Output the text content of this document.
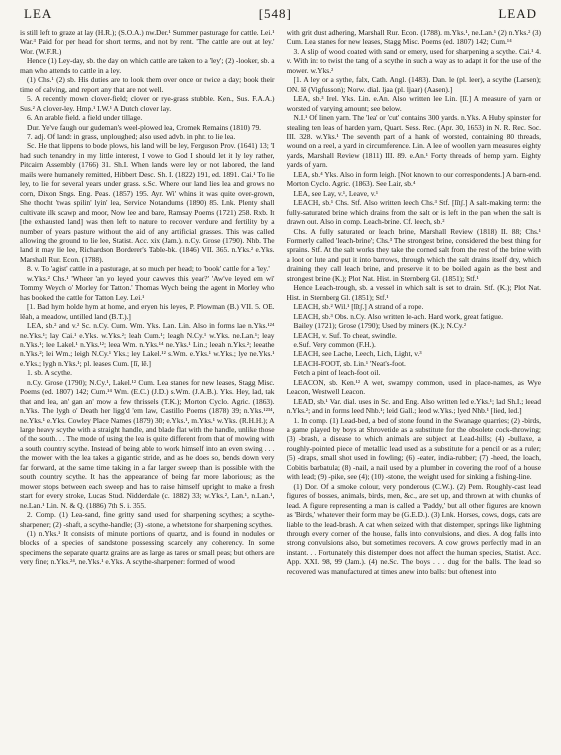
LEA	[548]	LEAD

is still left to graze at lay (H.R.); (S.O.A.) nw.Der.¹ Summer pasturage for cattle. Lei.¹ War.³ Paid for per head for short terms, and not by rent. 'The cattle are out at ley.' Wor. (W.F.R.)

Hence (1) Ley-day, sb. the day on which cattle are taken to a 'ley'; (2) -looker, sb. a man who attends to cattle in a ley.

(1) Chs.¹ (2) sb. His duties are to look them over once or twice a day; book their time of calving, and report any that are not well.

5. A recently mown clover-field; clover or rye-grass stubble. Ken., Sus. F.A.A.) Sus.² A clover-ley. Hmp.¹ I.W.¹ A Dutch clover lay.

6. An arable field. a field under tillage.

Dur. Ye've faugh our gudeman's weel-plowed lea, Cromek Remains (1810) 79.

7. adj. Of land: in grass, unploughed; also used advb. in phr. to lie lea.

Sc. He that lippens to bode plows, his land will be ley, Ferguson Prov. (1641) 13; 'I had such tenandry in my little interest, I vowe to God I should let it ly ley rather, Pitcairn Assembly (1766) 31. Sh.I. When lands were ley or not labored, the land mails were humanely remitted, Hibbert Desc. Sh. I. (1822) 191, ed. 1891. Cai.¹ To lie ley, to lie for several years under grass. s.Sc. Where our land lies lea and grows no corn, Dixon Sngs. Eng. Peas. (1857) 195. Ayr. Wi' whins it was quite over-grown, She thocht 'twas spilin' lyin' lea, Service Notandums (1890) 85. Lnk. Plenty shall cultivate ilk scawp and moor, Now lee and bare, Ramsay Poems (1721) 258. Rxb. It [the exhausted land] was then left to nature to recover verdure and fertility by a number of years pasture without the aid of any artificial grasses. This was called allowing the ground to lie lee, Statist. Acc. xix (Jam.). n.Cy. Grose (1790). Nhb. The land it may lie lee, Richardson Borderer's Table-bk. (1846) VII. 365. n.Yks.² e.Yks. Marshall Rur. Econ. (1788).

8. v. To 'agist' cattle in a pasturage, at so much per head; to 'book' cattle for a 'ley.'

w.Yks.² Chs.¹ 'Wheer 'an yo leyed your cawves this year?' 'Aw've leyed em wi' Tommy Weych o' Morley for Tatton.' Thomas Wych being the agent in Morley who has booked the cattle for Tatton Ley. Lei.¹

[1. Bad hym holde hym at home, and eryen his leyes, P. Plowman (B.) VII. 5. OE. lēah, a meadow, untilled land (B.T.).]

LEA, sb.² and v.² Sc. n.Cy. Cum. Wm. Yks. Lan. Lin. Also in forms lae n.Yks.¹²⁴ ne.Yks.¹; lay Cai.¹ e.Yks. w.Yks.²; leah Cum.¹; leagh N.Cy.¹ w.Yks. ne.Lan.¹; leay n.Yks.¹; lee Lakel.¹ n.Yks.¹²; leea Wm. n.Yks.¹⁴ ne.Yks.¹ Lin.; leeah n.Yks.²; leeathe n.Yks.²; lei Wm.; leigh N.Cy.¹ Yks.; ley Lakel.¹² s.Wm. e.Yks.¹ w.Yks.; lye ne.Yks.¹ e.Yks.; lygh n.Yks.¹; pl. leases Cum. [lī, lē.]

1. sb. A scythe.

n.Cy. Grose (1790); N.Cy.¹, Lakel.¹² Cum. Lea stanes for new leases, Stagg Misc. Poems (ed. 1807) 142; Cum.¹⁴ Wm. (E.C.) (J.D.) s.Wm. (J.A.B.). Yks. Hey, lad, tak that and lea, an' gan an' mow a few thrissels (T.K.); Morton Cyclo. Agric. (1863). n.Yks. The lygh o' Death her ligg'd 'em law, Castillo Poems (1878) 39; n.Yks.¹²³⁴, ne.Yks.¹ e.Yks. Cowley Place Names (1879) 30; e.Yks.¹, m.Yks.¹ w.Yks. (R.H.H.); A large heavy scythe with a straight handle, and blade flat with the handle, unlike those of the south. . . The mode of using the lea is quite different from that of mowing with a south country scythe. Instead of being able to work himself into an even swing . . . the mower with the lea takes a gigantic stride, and as he does so, bends down very far forward, at the same time taking in a far larger sweep than is possible with the south country scythe. It has the appearance of being far more laborious; as the mower stops between each sweep and has to raise himself upright to make a fresh start for every stroke, Lucas Stud. Nidderdale (c. 1882) 33; w.Yks.², Lan.¹, n.Lan.¹, ne.Lan.¹ Lin. N. & Q. (1886) 7th S. i. 355.

2. Comp. (1) Lea-sand, fine gritty sand used for sharpening scythes; a scythe-sharpener; (2) -shaft, a scythe-handle; (3) -stone, a whetstone for sharpening scythes.

(1) n.Yks.¹ It consists of minute portions of quartz, and is found in nodules or blocks of a species of sandstone possessing scarcely any coherency. In some specimens the separate quartz grains are as large as tares or small peas; but others are very fine; n.Yks.²⁴, ne.Yks.¹ e.Yks. A scythe-sharpener: formed of wood

with grit dust adhering, Marshall Rur. Econ. (1788). m.Yks.¹, ne.Lan.¹ (2) n.Yks.² (3) Cum. Lea stanes for new leases, Stagg Misc. Poems (ed. 1807) 142; Cum.¹⁴

3. A slip of wood coated with sand or emery, used for sharpening a scythe. Cai.¹ 4. v. With in: to twist the tang of a scythe in such a way as to adapt it for the use of the mower. w.Yks.²

[1. A ley or a sythe, falx, Cath. Angl. (1483). Dan. le (pl. leer), a scythe (Larsen); ON. lē (Vigfusson); Norw. dial. ljaa (pl. ljaar) (Aasen).]

LEA, sb.³ Irel. Yks. Lin. e.An. Also written lee Lin. [lī.] A measure of yarn or worsted of varying amount; see below.

N.I.¹ Of linen yarn. The 'lea' or 'cut' contains 300 yards. n.Yks. A Huby spinster for stealing ten leas of harden yarn, Quart. Sess. Rec. (Apr. 30, 1653) in N. R. Rec. Soc. III. 328. w.Yks.¹ The seventh part of a hank of worsted, containing 80 threads, wound on a reel, a yard in circumference. Lin. A lee of woollen yarn measures eighty yards, Marshall Review (1811) III. 89. e.An.¹ Forty threads of hemp yarn. Eighty yards of yarn.

LEA, sb.⁴ Yks. Also in form leigh. [Not known to our correspondents.] A barn-end. Morton Cyclo. Agric. (1863). See Lair, sb.⁴

LEA, see Lay, v.¹, Leave, v.¹

LEACH, sb.¹ Chs. Stf. Also written leech Chs.³ Stf. [lītʃ.] A salt-making term: the fully-saturated brine which drains from the salt or is left in the pan when the salt is drawn out. Also in comp. Leach-brine. Cf. leech, sb.²

Chs. A fully saturated or leach brine, Marshall Review (1818) II. 88; Chs.¹ Formerly called 'leach-brine'; Chs.³ The strongest brine, considered the best thing for sprains. Stf. At the salt works they take the corned salt from the rest of the brine with a loot or lute and put it into barrows, through which the salt drains itself dry, which draining they call leach brine, and preserve it to be boiled again as the best and strongest brine (K.); Plot Nat. Hist. in Sternberg Gl. (1851); Stf.¹

Hence Leach-trough, sb. a vessel in which salt is set to drain. Stf. (K.); Plot Nat. Hist. in Sternberg Gl. (1851); Stf.¹

LEACH, sb.² Wil.¹ [lītʃ.] A strand of a rope.

LEACH, sb.³ Obs. n.Cy. Also written le-ach. Hard work, great fatigue.

Bailey (1721); Grose (1790); Used by miners (K.); N.Cy.²

LEACH, v. Suf. To cheat, swindle.

e.Suf. Very common (F.H.).

LEACH, see Lache, Leech, Lich, Light, v.³

LEACH-FOOT, sb. Lin.¹ 'Neat's-foot.

Fetch a pint of leach-foot oil.

LEACON, sb. Ken.¹² A wet, swampy common, used in place-names, as Wye Leacon, Westwell Leacon.

LEAD, sb.¹ Var. dial. uses in Sc. and Eng. Also written led e.Yks.¹; lad Sh.I.; leead n.Yks.²; and in forms leed Nhb.¹; leid Gall.; leod w.Yks.; lyed Nhb.¹ [lied, led.]

1. In comp. (1) Lead-bed, a bed of stone found in the Swanage quarries; (2) -birds, a game played by boys at Shrovetide as a substitute for the obsolete cock-throwing; (3) -brash, a disease to which animals are subject at Lead-hills; (4) -bullaxe, a roughly-pointed piece of metallic lead used as a substitute for a pencil or as a ruler; (5) -draps, small shot used in fowling; (6) -eater, india-rubber; (7) -heed, the loach, Cobitis barbatula; (8) -nail, a nail used by a plumber in covering the roof of a house with lead; (9) -pike, see (4); (10) -stone, the weight used for sinking a fishing-line.

(1) Dor. Of a smoke colour, very ponderous (C.W.). (2) Pem. Roughly-cast lead figures of bosses, animals, birds, men, &c., are set up, and thrown at with chunks of lead. A figure representing a man is called a 'Paddy,' but all other figures are known as 'Birds,' whatever their form may be (G.E.D.). (3) Lnk. Horses, cows, dogs, cats are liable to the lead-brash. A cat when seized with that distemper, springs like lightning through every corner of the house, falls into convulsions, and dies. A dog falls into strong convulsions also, but sometimes recovers. A cow grows perfectly mad in an instant. . . Fortunately this distemper does not affect the human species, Statist. Acc. App. XXI. 98, 99 (Jam.). (4) ne.Sc. The boys . . . dug for the balls. The lead so recovered was manufactured at times anew into balls: but oftenest into
